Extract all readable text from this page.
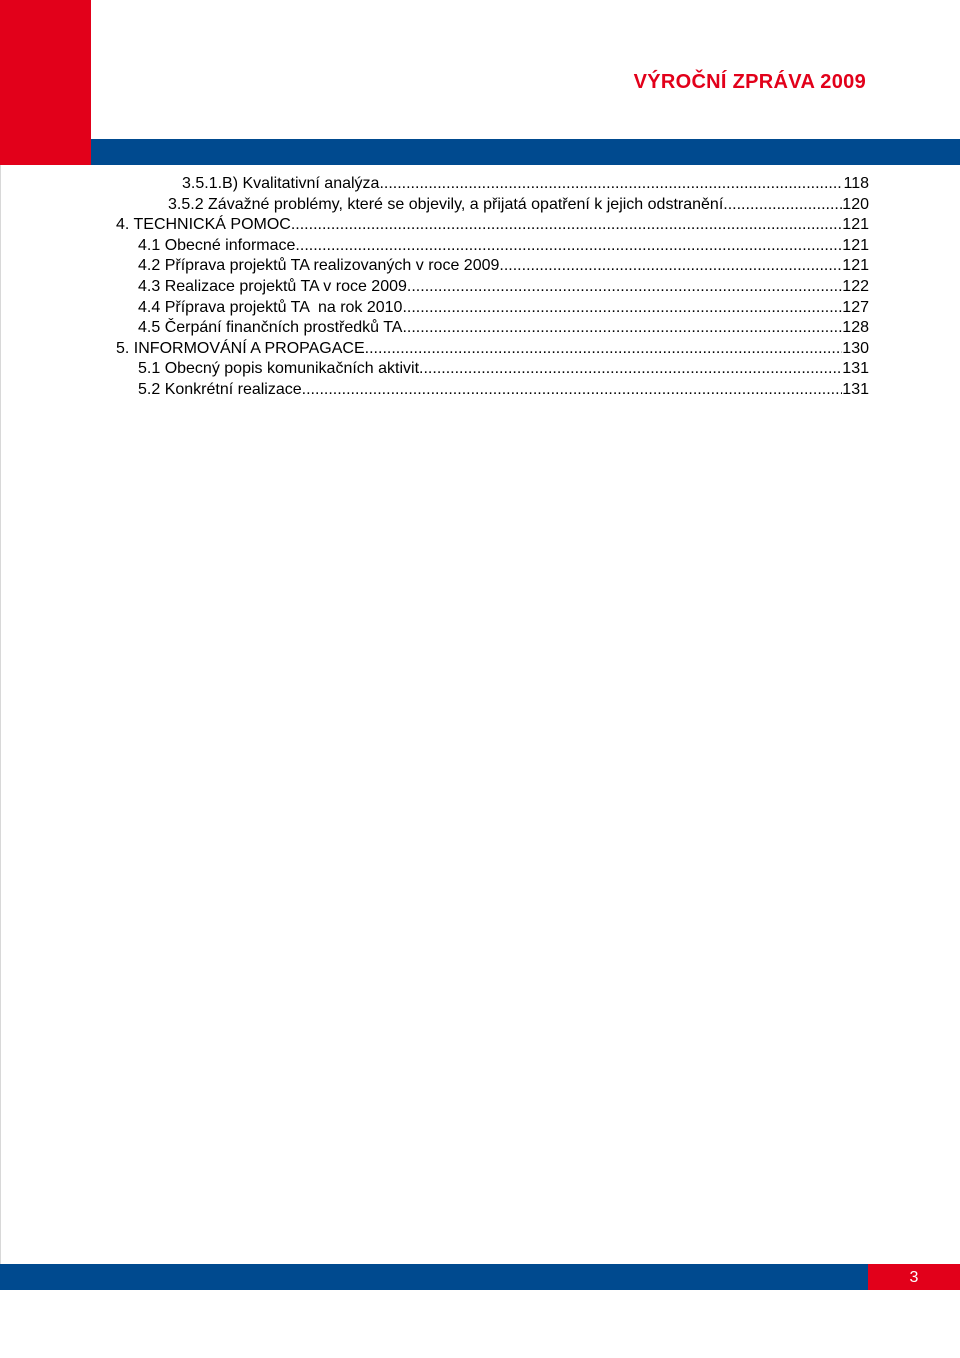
VÝROČNÍ ZPRÁVA 2009
3.5.1.B) Kvalitativní analýza .....	118
3.5.2 Závažné problémy, které se objevily, a přijatá opatření k jejich odstranění .....	120
4. TECHNICKÁ POMOC .....	121
4.1 Obecné informace .....	121
4.2 Příprava projektů TA realizovaných v roce 2009 .....	121
4.3 Realizace projektů TA v roce 2009 .....	122
4.4 Příprava projektů TA  na rok 2010 .....	127
4.5 Čerpání finančních prostředků TA .....	128
5. INFORMOVÁNÍ A PROPAGACE .....	130
5.1 Obecný popis komunikačních aktivit .....	131
5.2 Konkrétní realizace .....	131
3
